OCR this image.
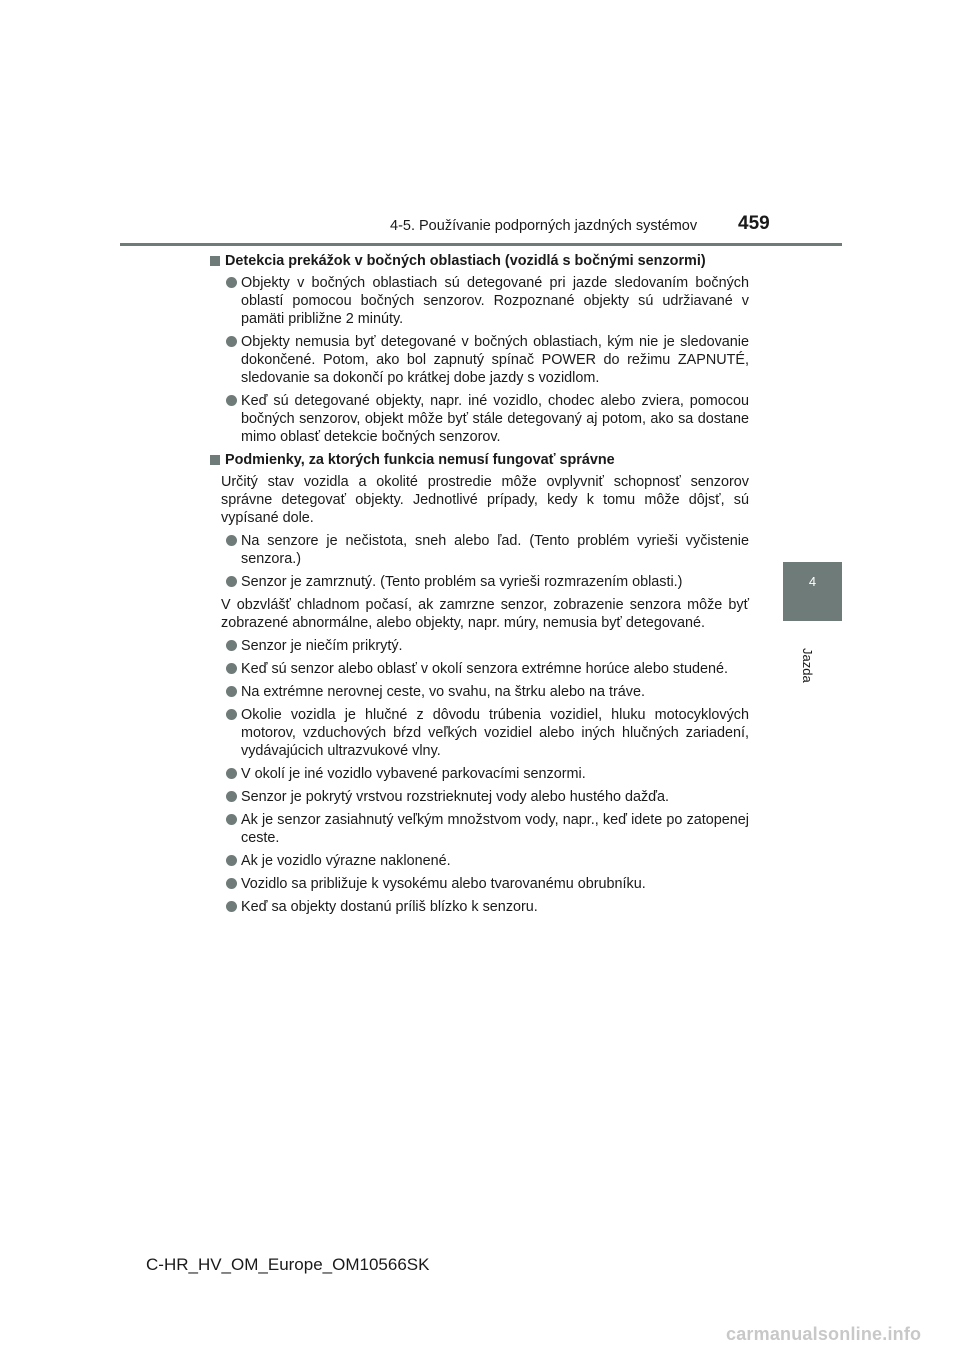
4-5. Používanie podporných jazdných systémov 459
4
Jazda
Detekcia prekážok v bočných oblastiach (vozidlá s bočnými senzormi)
Objekty v bočných oblastiach sú detegované pri jazde sledovaním bočných oblastí pomocou bočných senzorov. Rozpoznané objekty sú udržiavané v pamäti približne 2 minúty.
Objekty nemusia byť detegované v bočných oblastiach, kým nie je sledovanie dokončené. Potom, ako bol zapnutý spínač POWER do režimu ZAPNUTÉ, sledovanie sa dokončí po krátkej dobe jazdy s vozidlom.
Keď sú detegované objekty, napr. iné vozidlo, chodec alebo zviera, pomocou bočných senzorov, objekt môže byť stále detegovaný aj potom, ako sa dostane mimo oblasť detekcie bočných senzorov.
Podmienky, za ktorých funkcia nemusí fungovať správne
Určitý stav vozidla a okolité prostredie môže ovplyvniť schopnosť senzorov správne detegovať objekty. Jednotlivé prípady, kedy k tomu môže dôjsť, sú vypísané dole.
Na senzore je nečistota, sneh alebo ľad. (Tento problém vyrieši vyčistenie senzora.)
Senzor je zamrznutý. (Tento problém sa vyrieši rozmrazením oblasti.)
V obzvlášť chladnom počasí, ak zamrzne senzor, zobrazenie senzora môže byť zobrazené abnormálne, alebo objekty, napr. múry, nemusia byť detegované.
Senzor je niečím prikrytý.
Keď sú senzor alebo oblasť v okolí senzora extrémne horúce alebo studené.
Na extrémne nerovnej ceste, vo svahu, na štrku alebo na tráve.
Okolie vozidla je hlučné z dôvodu trúbenia vozidiel, hluku motocyklových motorov, vzduchových bŕzd veľkých vozidiel alebo iných hlučných zariadení, vydávajúcich ultrazvukové vlny.
V okolí je iné vozidlo vybavené parkovacími senzormi.
Senzor je pokrytý vrstvou rozstrieknutej vody alebo hustého dažďa.
Ak je senzor zasiahnutý veľkým množstvom vody, napr., keď idete po zatopenej ceste.
Ak je vozidlo výrazne naklonené.
Vozidlo sa približuje k vysokému alebo tvarovanému obrubníku.
Keď sa objekty dostanú príliš blízko k senzoru.
C-HR_HV_OM_Europe_OM10566SK
carmanualsonline.info
